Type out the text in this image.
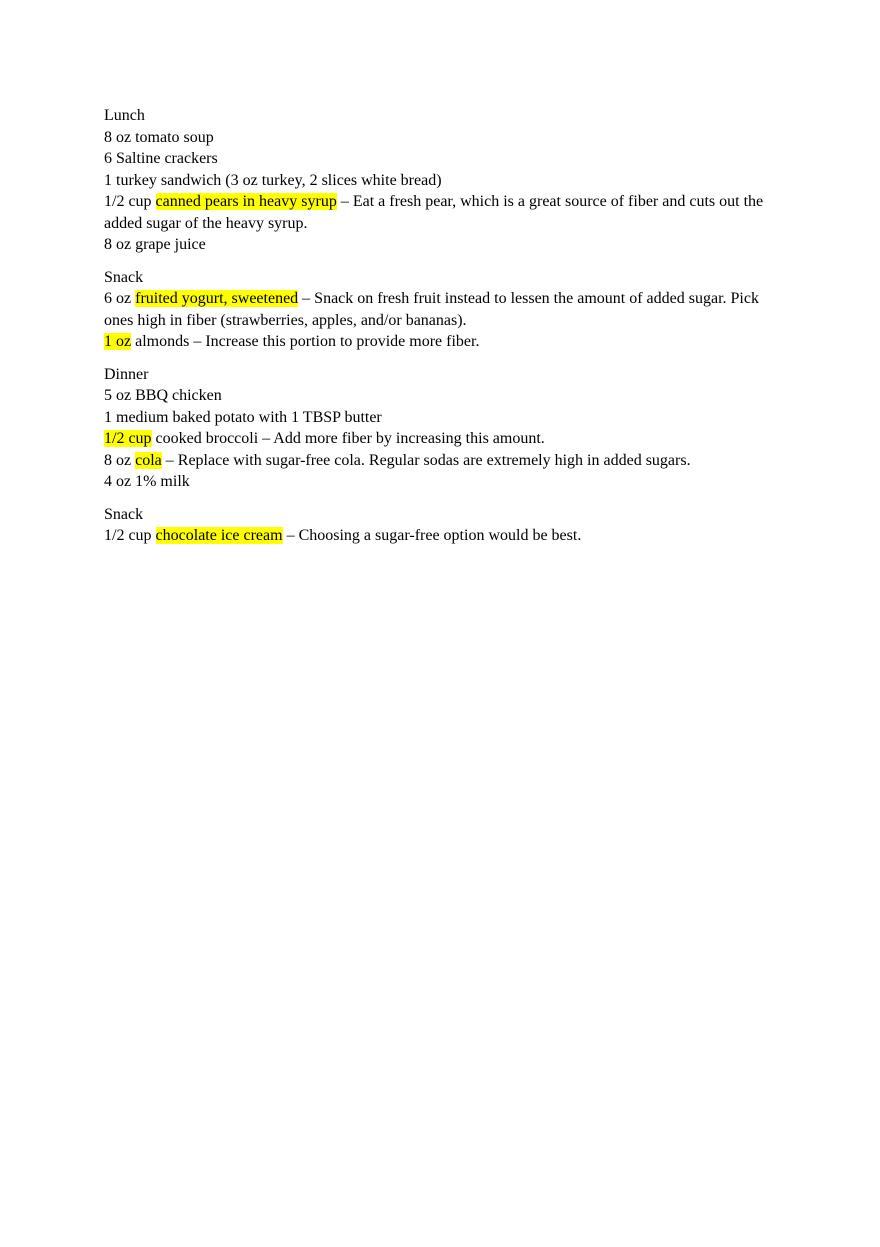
Lunch
8 oz tomato soup
6 Saltine crackers
1 turkey sandwich (3 oz turkey, 2 slices white bread)
1/2 cup canned pears in heavy syrup – Eat a fresh pear, which is a great source of fiber and cuts out the added sugar of the heavy syrup.
8 oz grape juice
Snack
6 oz fruited yogurt, sweetened – Snack on fresh fruit instead to lessen the amount of added sugar. Pick ones high in fiber (strawberries, apples, and/or bananas).
1 oz almonds – Increase this portion to provide more fiber.
Dinner
5 oz BBQ chicken
1 medium baked potato with 1 TBSP butter
1/2 cup cooked broccoli – Add more fiber by increasing this amount.
8 oz cola – Replace with sugar-free cola. Regular sodas are extremely high in added sugars.
4 oz 1% milk
Snack
1/2 cup chocolate ice cream – Choosing a sugar-free option would be best.
